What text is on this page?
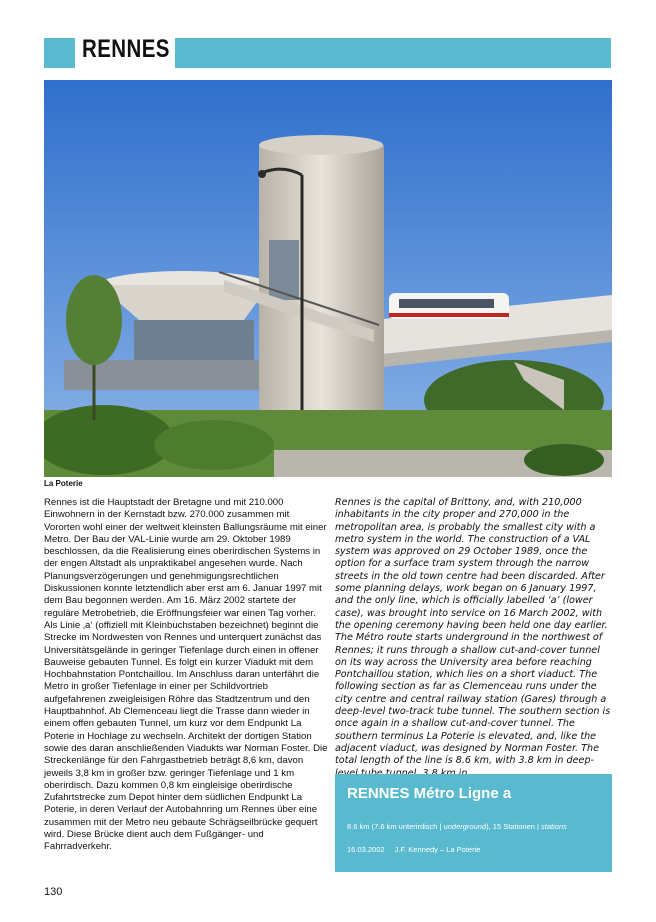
RENNES
La Poterie

Rennes ist die Hauptstadt der Bretagne und mit 210.000 Einwohnern in der Kernstadt bzw. 270.000 zusammen mit Vororten wohl einer der weltweit kleinsten Ballungsräume mit einer Metro. Der Bau der VAL-Linie wurde am 29. Oktober 1989 beschlossen, da die Realisierung eines oberirdischen Systems in der engen Altstadt als unpraktikabel angesehen wurde. Nach Planungsverzögerungen und genehmigungsrechtlichen Diskussionen konnte letztendlich aber erst am 6. Januar 1997 mit dem Bau begonnen werden. Am 16. März 2002 startete der reguläre Metrobetrieb, die Eröffnungsfeier war einen Tag vorher.

Als Linie ‚a‘ (offiziell mit Kleinbuchstaben bezeichnet) beginnt die Strecke im Nordwesten von Rennes und unterquert zunächst das Universitätsgelände in geringer Tiefenlage durch einen in offener Bauweise gebauten Tunnel. Es folgt ein kurzer Viadukt mit dem Hochbahnstation Pontchaillou. Im Anschluss daran unterfährt die Metro in großer Tiefenlage in einer per Schildvortrieb aufgefahrenen zweigleisigen Röhre das Stadtzentrum und den Hauptbahnhof. Ab Clemenceau liegt die Trasse dann wieder in einem offen gebauten Tunnel, um kurz vor dem Endpunkt La Poterie in Hochlage zu wechseln. Architekt der dortigen Station sowie des daran anschließenden Viadukts war Norman Foster. Die Streckenlänge für den Fahrgastbetrieb beträgt 8,6 km, davon jeweils 3,8 km in großer bzw. geringer Tiefenlage und 1 km oberirdisch. Dazu kommen 0,8 km eingleisige oberirdische Zufahrtstrecke zum Depot hinter dem südlichen Endpunkt La Poterie, in deren Verlauf der Autobahnring um Rennes über eine zusammen mit der Metro neu gebaute Schrägseilbrücke gequert wird. Diese Brücke dient auch dem Fußgänger- und Fahrradverkehr.

Rennes is the capital of Brittony, and, with 210,000 inhabitants in the city proper and 270,000 in the metropolitan area, is probably the smallest city with a metro system in the world. The construction of a VAL system was approved on 29 October 1989, once the option for a surface tram system through the narrow streets in the old town centre had been discarded. After some planning delays, work began on 6 January 1997, and the only line, which is officially labelled ‘a’ (lower case), was brought into service on 16 March 2002, with the opening ceremony having been held one day earlier.

The Métro route starts underground in the northwest of Rennes; it runs through a shallow cut-and-cover tunnel on its way across the University area before reaching Pontchaillou station, which lies on a short viaduct. The following section as far as Clemenceau runs under the city centre and central railway station (Gares) through a deep-level two-track tube tunnel. The southern section is once again in a shallow cut-and-cover tunnel. The southern terminus La Poterie is elevated, and, like the adjacent viaduct, was designed by Norman Foster. The total length of the line is 8.6 km, with 3.8 km in deep-

RENNES Métro Ligne a
8.6 km (7.6 km unterirdisch | underground), 15 Stationen | stations
16.03.2002 J.F. Kennedy – La Poterie
130
